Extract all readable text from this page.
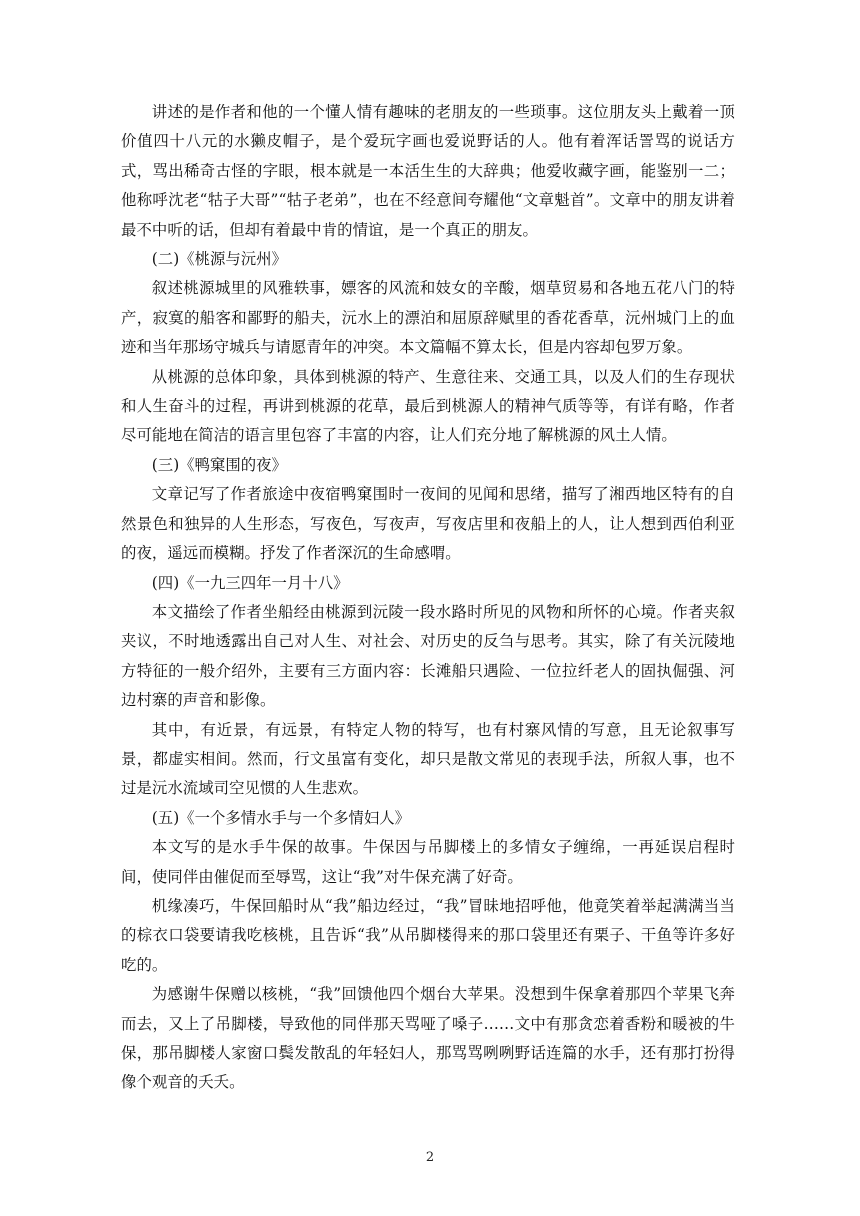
讲述的是作者和他的一个懂人情有趣味的老朋友的一些琐事。这位朋友头上戴着一顶价值四十八元的水獭皮帽子，是个爱玩字画也爱说野话的人。他有着浑话詈骂的说话方式，骂出稀奇古怪的字眼，根本就是一本活生生的大辞典；他爱收藏字画，能鉴别一二；他称呼沈老“牯子大哥”“牯子老弟”，也在不经意间夸耀他“文章魁首”。文章中的朋友讲着最不中听的话，但却有着最中肯的情谊，是一个真正的朋友。

(二)《桃源与沅州》

叙述桃源城里的风雅轶事，嫖客的风流和妓女的辛酸，烟草贸易和各地五花八门的特产，寂寞的船客和鄙野的船夫，沅水上的漂泊和屈原辞赋里的香花香草，沅州城门上的血迹和当年那场守城兵与请愿青年的冲突。本文篇幅不算太长，但是内容却包罗万象。

从桃源的总体印象，具体到桃源的特产、生意往来、交通工具，以及人们的生存现状和人生奋斗的过程，再讲到桃源的花草，最后到桃源人的精神气质等等，有详有略，作者尽可能地在简洁的语言里包容了丰富的内容，让人们充分地了解桃源的风土人情。

(三)《鸭窠围的夜》

文章记写了作者旅途中夜宿鸭窠围时一夜间的见闻和思绪，描写了湘西地区特有的自然景色和独异的人生形态，写夜色，写夜声，写夜店里和夜船上的人，让人想到西伯利亚的夜，遥远而模糊。抒发了作者深沉的生命感喟。

(四)《一九三四年一月十八》

本文描绘了作者坐船经由桃源到沅陵一段水路时所见的风物和所怀的心境。作者夹叙夹议，不时地透露出自己对人生、对社会、对历史的反刍与思考。其实，除了有关沅陵地方特征的一般介绍外，主要有三方面内容：长滩船只遇险、一位拉纤老人的固执倔强、河边村寨的声音和影像。

其中，有近景，有远景，有特定人物的特写，也有村寨风情的写意，且无论叙事写景，都虚实相间。然而，行文虽富有变化，却只是散文常见的表现手法，所叙人事，也不过是沅水流域司空见惯的人生悲欢。

(五)《一个多情水手与一个多情妇人》

本文写的是水手牛保的故事。牛保因与吊脚楼上的多情女子缠绵，一再延误启程时间，使同伴由催促而至辱骂，这让“我”对牛保充满了好奇。

机缘凑巧，牛保回船时从“我”船边经过，“我”冒昧地招呼他，他竟笑着举起满满当当的棕衣口袋要请我吃核桃，且告诉“我”从吊脚楼得来的那口袋里还有栗子、干鱼等许多好吃的。

为感谢牛保赠以核桃，“我”回馈他四个烟台大苹果。没想到牛保拿着那四个苹果飞奔而去，又上了吊脚楼，导致他的同伴那天骂哑了嗓子……文中有那贪恋着香粉和暖被的牛保，那吊脚楼人家窗口鬓发散乱的年轻妇人，那骂骂咧咧野话连篇的水手，还有那打扮得像个观音的夭夭。

2
